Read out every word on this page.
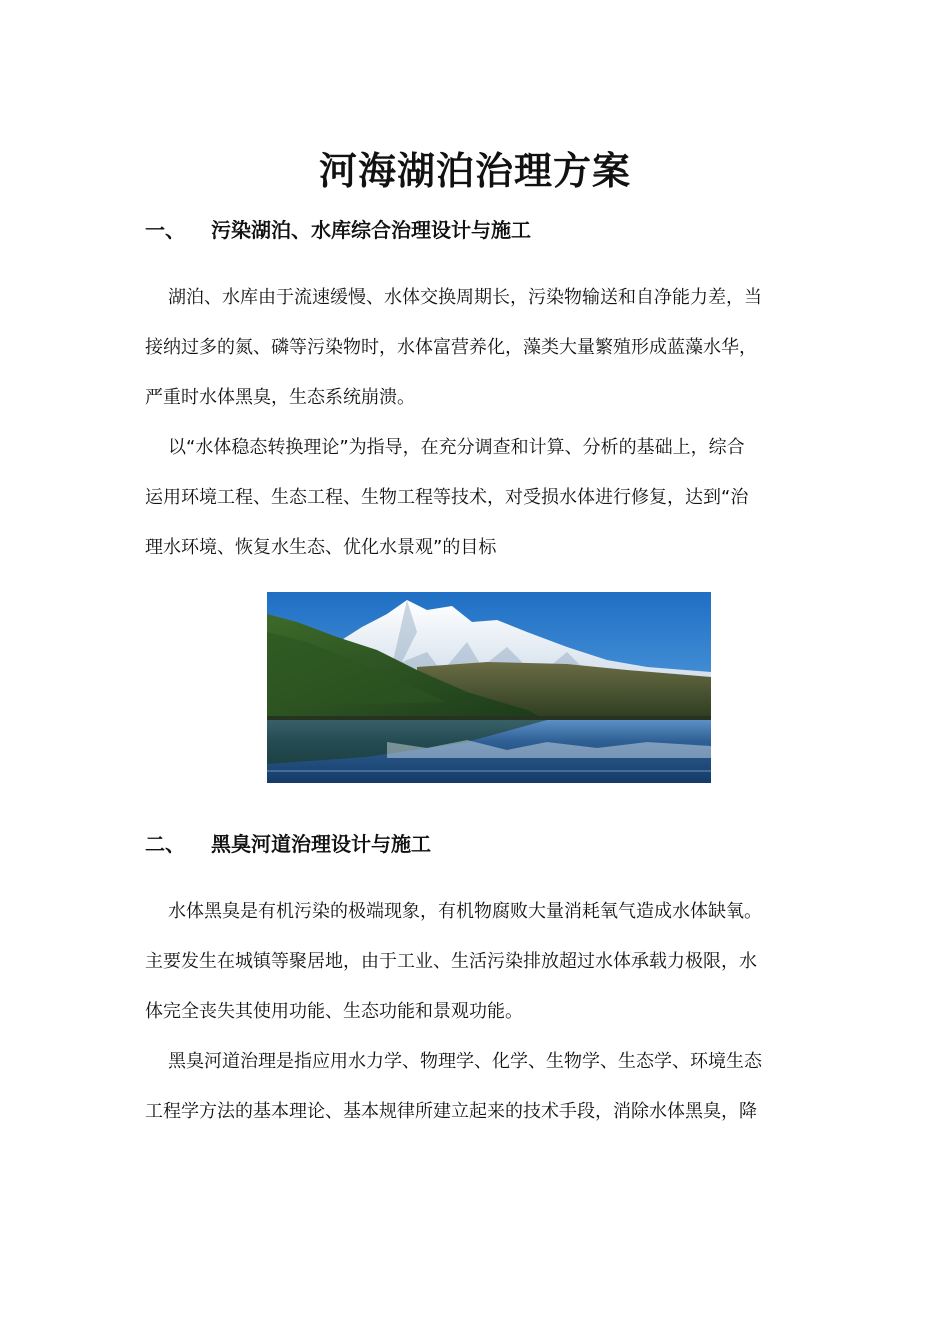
河海湖泊治理方案
一、 污染湖泊、水库综合治理设计与施工

湖泊、水库由于流速缓慢、水体交换周期长，污染物输送和自净能力差，当

接纳过多的氮、磷等污染物时，水体富营养化，藻类大量繁殖形成蓝藻水华，

严重时水体黑臭，生态系统崩溃。

以“水体稳态转换理论”为指导，在充分调查和计算、分析的基础上，综合

运用环境工程、生态工程、生物工程等技术，对受损水体进行修复，达到“治

理水环境、恢复水生态、优化水景观”的目标

二、 黑臭河道治理设计与施工

水体黑臭是有机污染的极端现象，有机物腐败大量消耗氧气造成水体缺氧。

主要发生在城镇等聚居地，由于工业、生活污染排放超过水体承载力极限，水

体完全丧失其使用功能、生态功能和景观功能。

黑臭河道治理是指应用水力学、物理学、化学、生物学、生态学、环境生态

工程学方法的基本理论、基本规律所建立起来的技术手段，消除水体黑臭，降
